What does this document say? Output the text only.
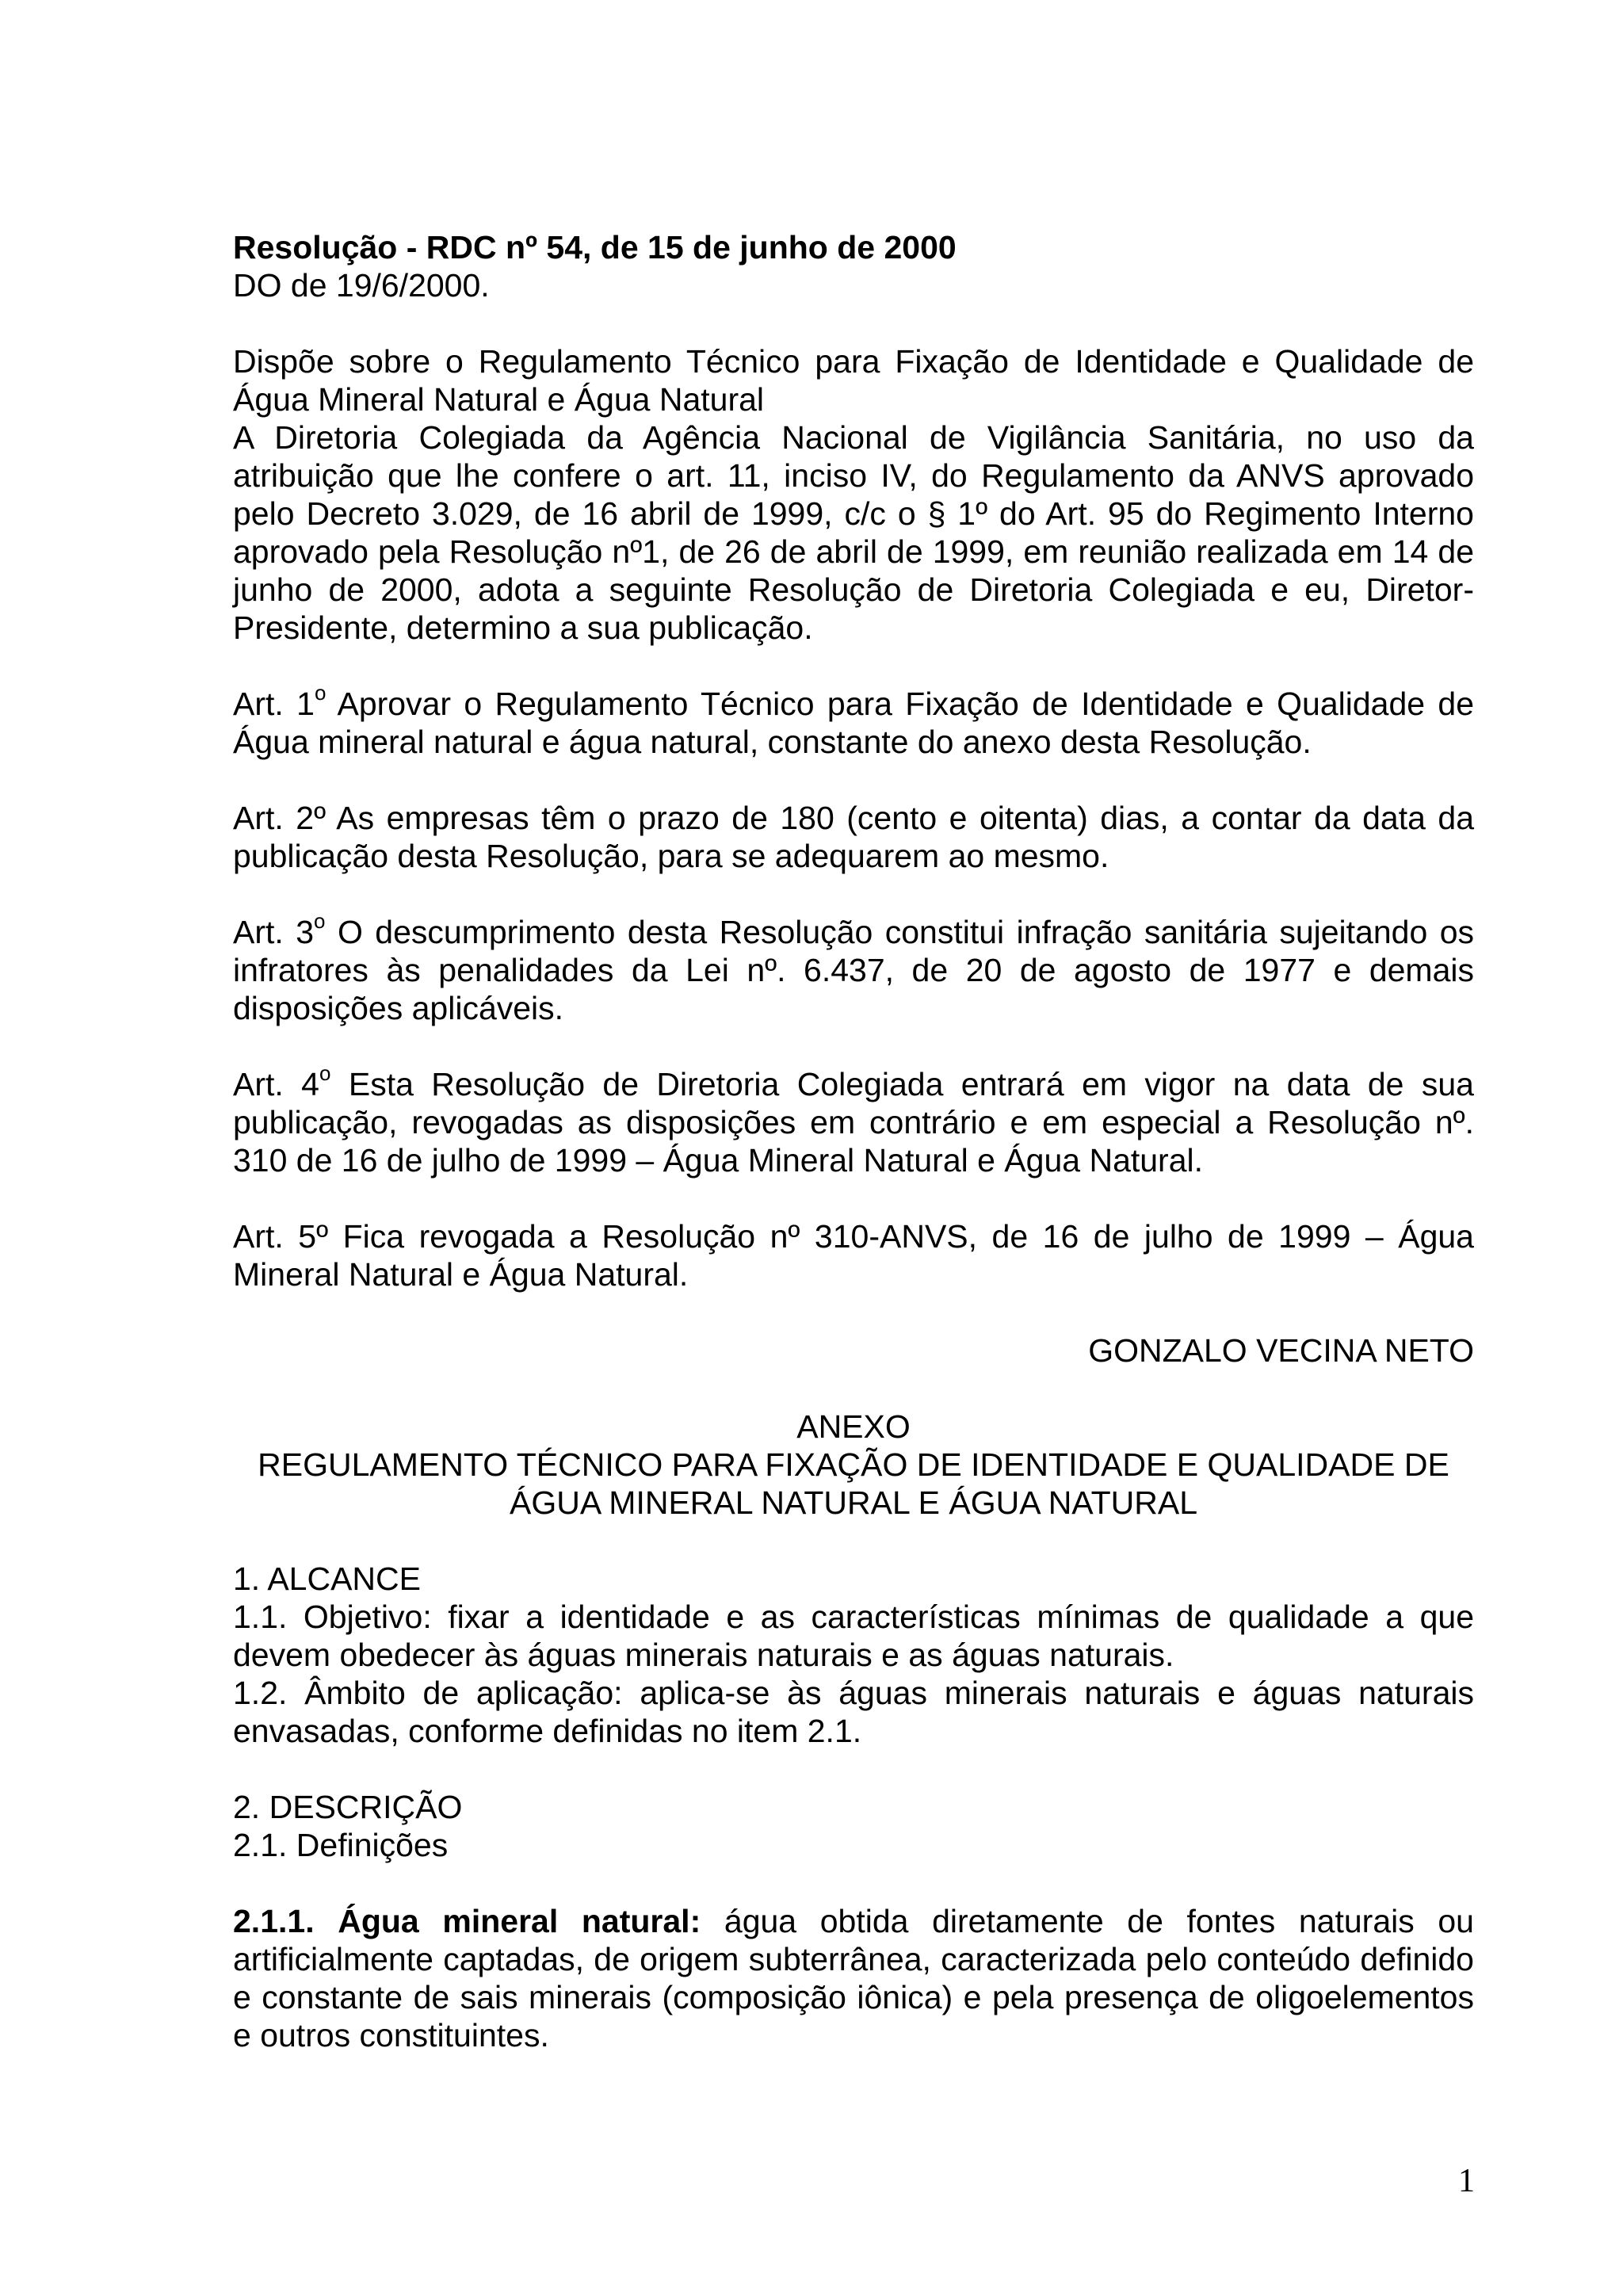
Resolução - RDC nº 54, de 15 de junho de 2000

DO de 19/6/2000.

Dispõe sobre o Regulamento Técnico para Fixação de Identidade e Qualidade de Água Mineral Natural e Água Natural

A Diretoria Colegiada da Agência Nacional de Vigilância Sanitária, no uso da atribuição que lhe confere o art. 11, inciso IV, do Regulamento da ANVS aprovado pelo Decreto 3.029, de 16 abril de 1999, c/c o § 1º do Art. 95 do Regimento Interno aprovado pela Resolução nº1, de 26 de abril de 1999, em reunião realizada em 14 de junho de 2000, adota a seguinte Resolução de Diretoria Colegiada e eu, Diretor-Presidente, determino a sua publicação.

Art. 1$^o$ Aprovar o Regulamento Técnico para Fixação de Identidade e Qualidade de Água mineral natural e água natural, constante do anexo desta Resolução.

Art. 2º As empresas têm o prazo de 180 (cento e oitenta) dias, a contar da data da publicação desta Resolução, para se adequarem ao mesmo.

Art. 3$^o$ O descumprimento desta Resolução constitui infração sanitária sujeitando os infratores às penalidades da Lei nº. 6.437, de 20 de agosto de 1977 e demais disposições aplicáveis.

Art. 4$^o$ Esta Resolução de Diretoria Colegiada entrará em vigor na data de sua publicação, revogadas as disposições em contrário e em especial a Resolução nº. 310 de 16 de julho de 1999 – Água Mineral Natural e Água Natural.

Art. 5º Fica revogada a Resolução nº 310-ANVS, de 16 de julho de 1999 – Água Mineral Natural e Água Natural.

GONZALO VECINA NETO

ANEXO

REGULAMENTO TÉCNICO PARA FIXAÇÃO DE IDENTIDADE E QUALIDADE DE

ÁGUA MINERAL NATURAL E ÁGUA NATURAL

1. ALCANCE

1.1. Objetivo: fixar a identidade e as características mínimas de qualidade a que devem obedecer às águas minerais naturais e as águas naturais.

1.2. Âmbito de aplicação: aplica-se às águas minerais naturais e águas naturais envasadas, conforme definidas no item 2.1.

2. DESCRIÇÃO

2.1. Definições

2.1.1. Água mineral natural: água obtida diretamente de fontes naturais ou artificialmente captadas, de origem subterrânea, caracterizada pelo conteúdo definido e constante de sais minerais (composição iônica) e pela presença de oligoelementos e outros constituintes.

1
